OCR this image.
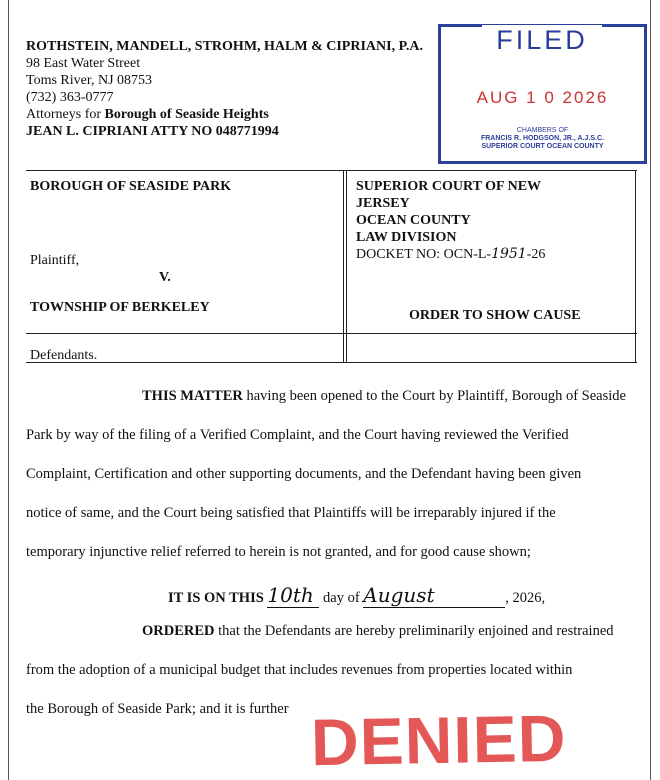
ROTHSTEIN, MANDELL, STROHM, HALM & CIPRIANI, P.A.
98 East Water Street
Toms River, NJ 08753
(732) 363-0777
Attorneys for Borough of Seaside Heights
JEAN L. CIPRIANI ATTY NO 048771994
FILED
AUG 1 0 2026
CHAMBERS OF
FRANCIS R. HODGSON, JR., A.J.S.C.
SUPERIOR COURT OCEAN COUNTY
BOROUGH OF SEASIDE PARK
Plaintiff,
V.
TOWNSHIP OF BERKELEY
Defendants.
SUPERIOR COURT OF NEW
JERSEY
OCEAN COUNTY
LAW DIVISION
DOCKET NO: OCN-L-1951-26
ORDER TO SHOW CAUSE
THIS MATTER having been opened to the Court by Plaintiff, Borough of Seaside
Park by way of the filing of a Verified Complaint, and the Court having reviewed the Verified
Complaint, Certification and other supporting documents, and the Defendant having been given
notice of same, and the Court being satisfied that Plaintiffs will be irreparably injured if the
temporary injunctive relief referred to herein is not granted, and for good cause shown;
IT IS ON THIS 10th day of August	, 2026,
ORDERED that the Defendants are hereby preliminarily enjoined and restrained
from the adoption of a municipal budget that includes revenues from properties located within
the Borough of Seaside Park; and it is further DENIED
